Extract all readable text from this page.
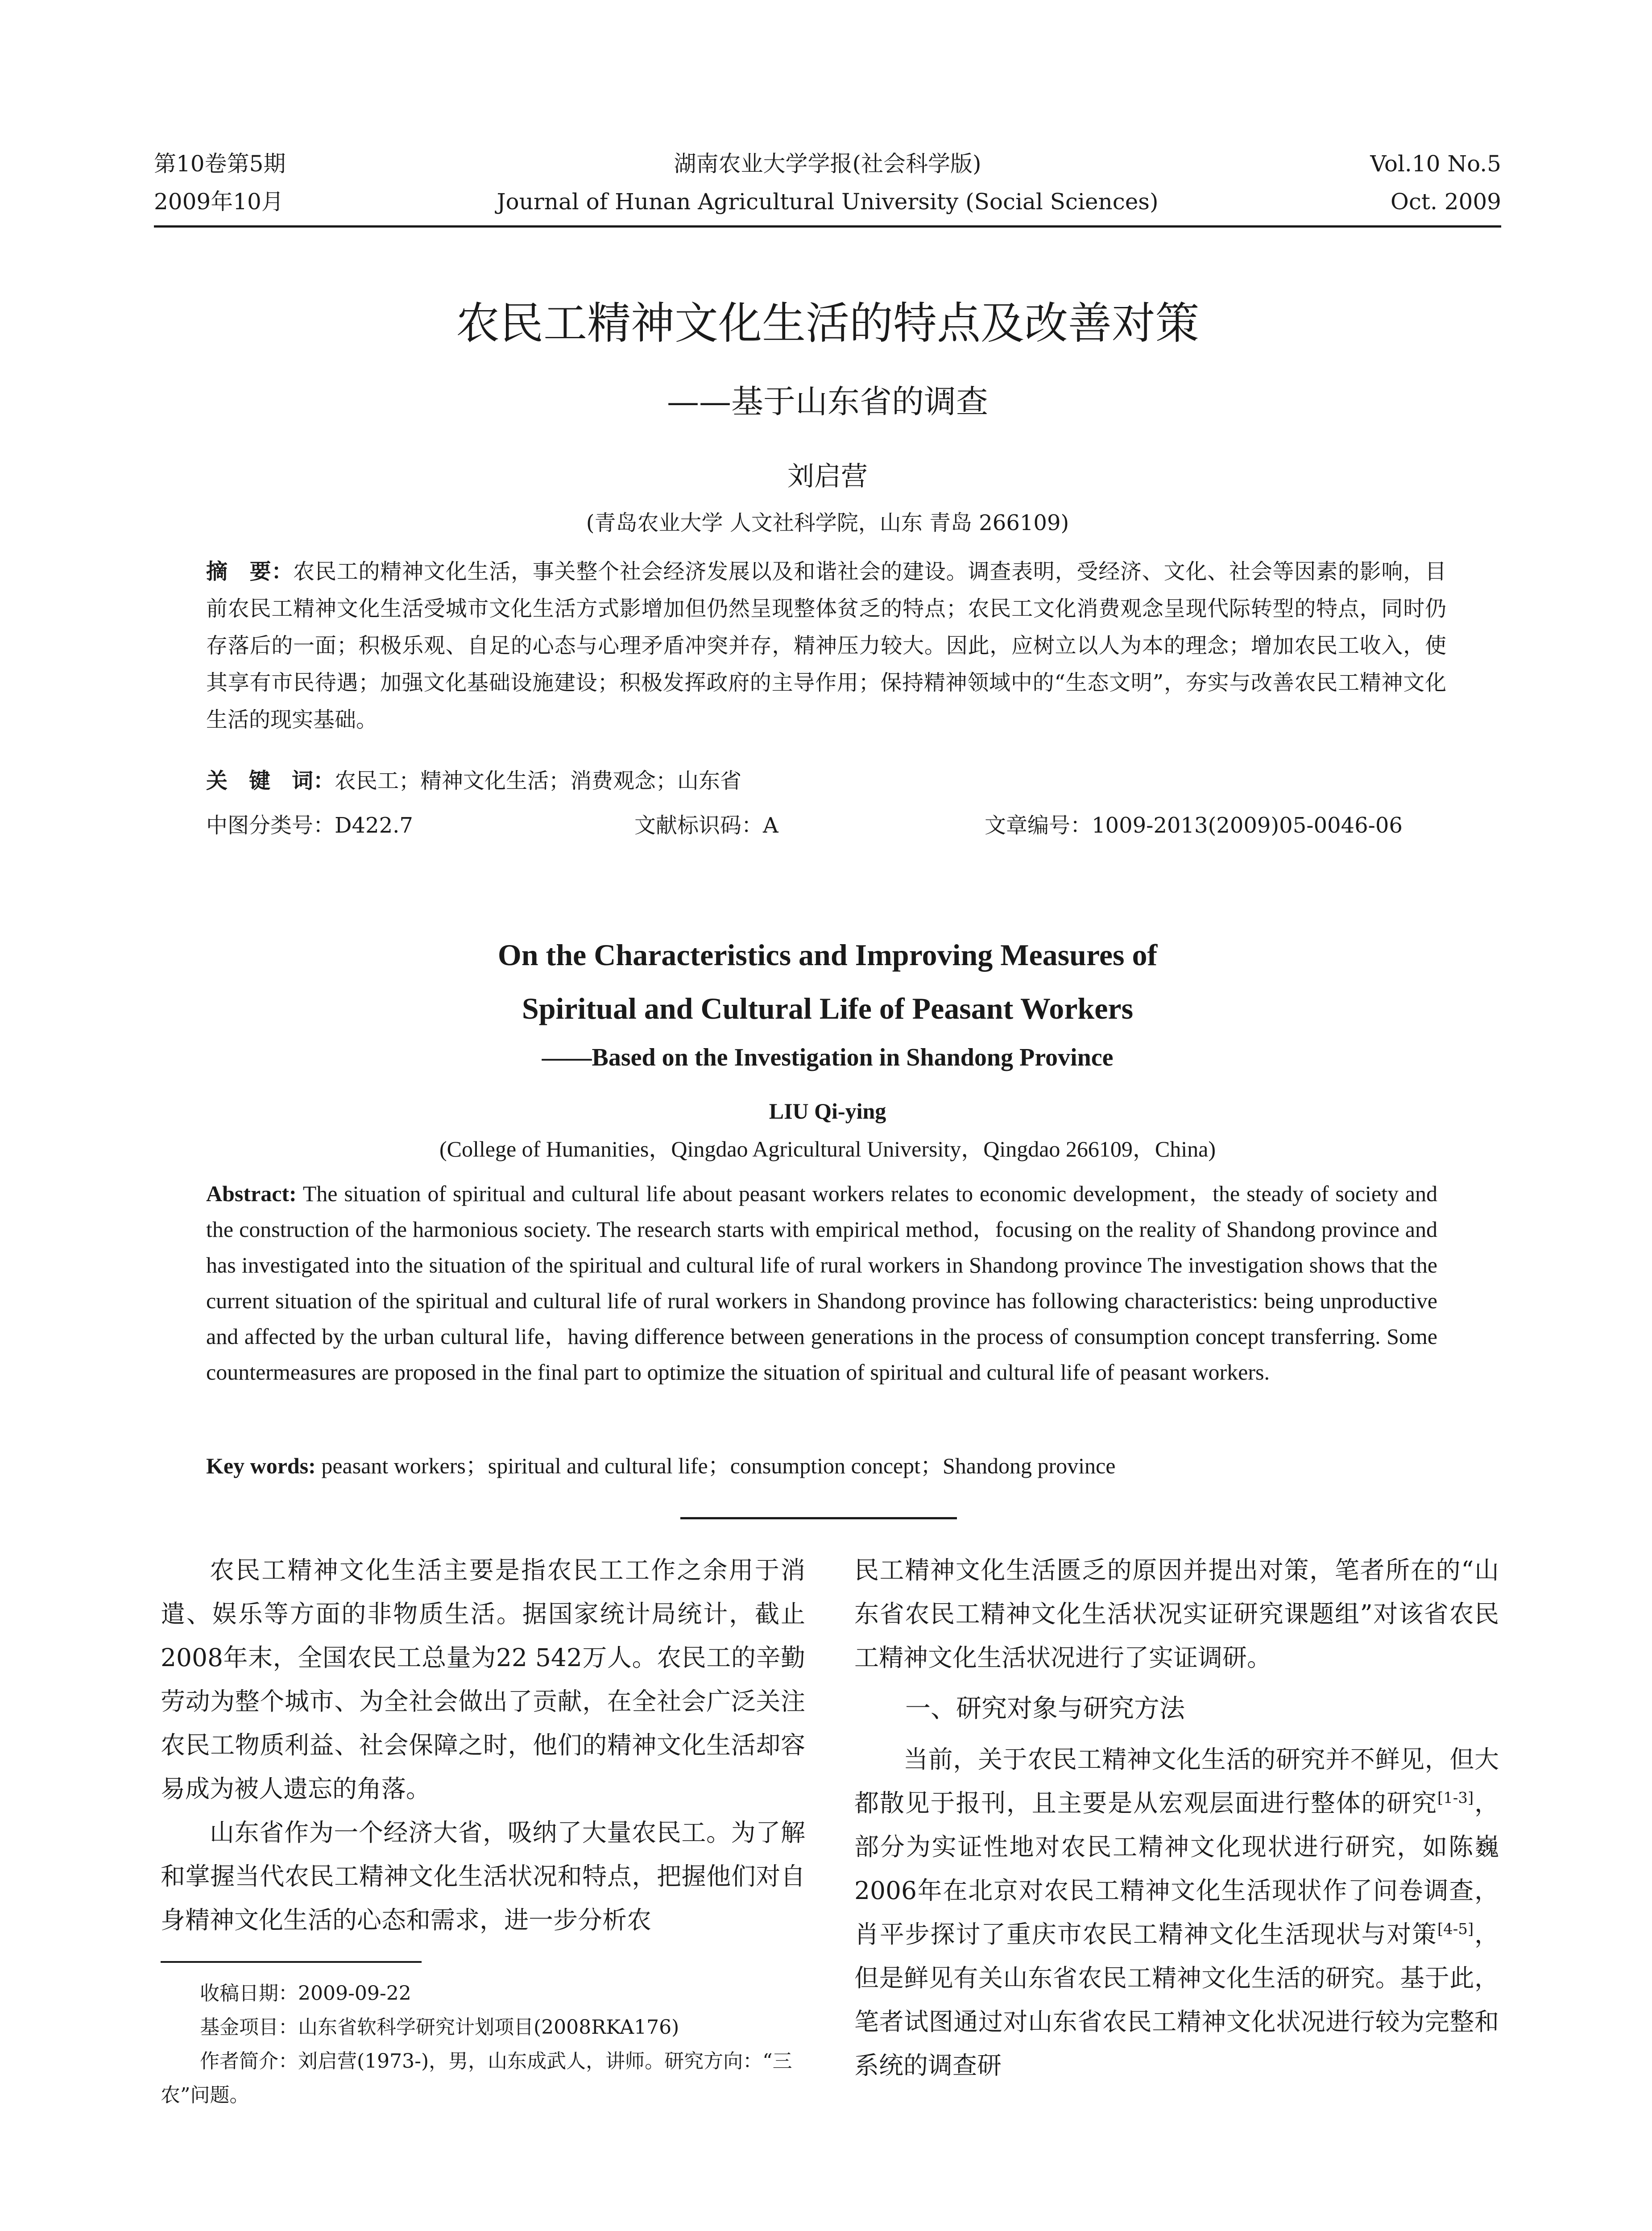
第10卷第5期	湖南农业大学学报(社会科学版)	Vol.10 No.5
2009年10月	Journal of Hunan Agricultural University (Social Sciences)	Oct. 2009
农民工精神文化生活的特点及改善对策
——基于山东省的调查
刘启营
(青岛农业大学 人文社科学院，山东 青岛 266109)
摘　要：农民工的精神文化生活，事关整个社会经济发展以及和谐社会的建设。调查表明，受经济、文化、社会等因素的影响，目前农民工精神文化生活受城市文化生活方式影增加但仍然呈现整体贫乏的特点；农民工文化消费观念呈现代际转型的特点，同时仍存落后的一面；积极乐观、自足的心态与心理矛盾冲突并存，精神压力较大。因此，应树立以人为本的理念；增加农民工收入，使其享有市民待遇；加强文化基础设施建设；积极发挥政府的主导作用；保持精神领域中的“生态文明”，夯实与改善农民工精神文化生活的现实基础。
关　键　词：农民工；精神文化生活；消费观念；山东省
中图分类号：D422.7	文献标识码：A	文章编号：1009-2013(2009)05-0046-06
On the Characteristics and Improving Measures of
Spiritual and Cultural Life of Peasant Workers
——Based on the Investigation in Shandong Province
LIU Qi-ying
(College of Humanities，Qingdao Agricultural University，Qingdao 266109，China)
Abstract: The situation of spiritual and cultural life about peasant workers relates to economic development，the steady of society and the construction of the harmonious society. The research starts with empirical method，focusing on the reality of Shandong province and has investigated into the situation of the spiritual and cultural life of rural workers in Shandong province The investigation shows that the current situation of the spiritual and cultural life of rural workers in Shandong province has following characteristics: being unproductive and affected by the urban cultural life，having difference between generations in the process of consumption concept transferring. Some countermeasures are proposed in the final part to optimize the situation of spiritual and cultural life of peasant workers.
Key words: peasant workers；spiritual and cultural life；consumption concept；Shandong province

农民工精神文化生活主要是指农民工工作之余用于消遣、娱乐等方面的非物质生活。据国家统计局统计，截止2008年末，全国农民工总量为22 542万人。农民工的辛勤劳动为整个城市、为全社会做出了贡献，在全社会广泛关注农民工物质利益、社会保障之时，他们的精神文化生活却容易成为被人遗忘的角落。

山东省作为一个经济大省，吸纳了大量农民工。为了解和掌握当代农民工精神文化生活状况和特点，把握他们对自身精神文化生活的心态和需求，进一步分析农

民工精神文化生活匮乏的原因并提出对策，笔者所在的“山东省农民工精神文化生活状况实证研究课题组”对该省农民工精神文化生活状况进行了实证调研。

一、研究对象与研究方法

当前，关于农民工精神文化生活的研究并不鲜见，但大都散见于报刊，且主要是从宏观层面进行整体的研究[1-3]，部分为实证性地对农民工精神文化现状进行研究，如陈巍2006年在北京对农民工精神文化生活现状作了问卷调查，肖平步探讨了重庆市农民工精神文化生活现状与对策[4-5]，但是鲜见有关山东省农民工精神文化生活的研究。基于此，笔者试图通过对山东省农民工精神文化状况进行较为完整和系统的调查研

收稿日期：2009-09-22
基金项目：山东省软科学研究计划项目(2008RKA176)
作者简介：刘启营(1973-)，男，山东成武人，讲师。研究方向：“三农”问题。
